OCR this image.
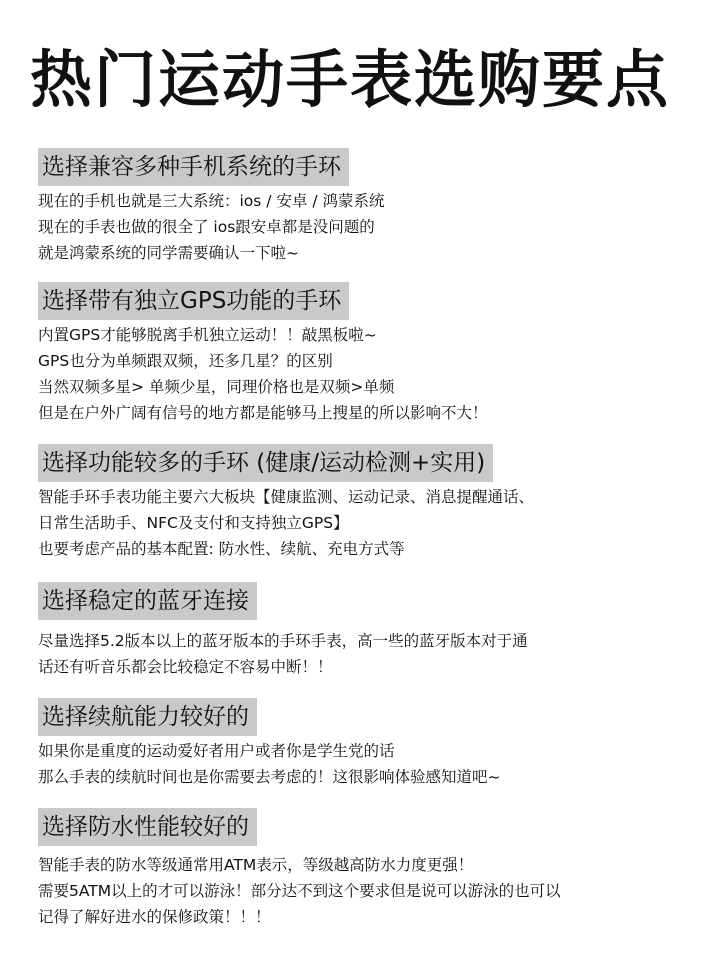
热门运动手表选购要点
选择兼容多种手机系统的手环
现在的手机也就是三大系统：ios / 安卓 / 鸿蒙系统
现在的手表也做的很全了 ios跟安卓都是没问题的
就是鸿蒙系统的同学需要确认一下啦~
选择带有独立GPS功能的手环
内置GPS才能够脱离手机独立运动！！敲黑板啦~
GPS也分为单频跟双频，还多几星？的区别
当然双频多星> 单频少星，同理价格也是双频>单频
但是在户外广阔有信号的地方都是能够马上搜星的所以影响不大！
选择功能较多的手环 (健康/运动检测+实用)
智能手环手表功能主要六大板块【健康监测、运动记录、消息提醒通话、
日常生活助手、NFC及支付和支持独立GPS】
也要考虑产品的基本配置: 防水性、续航、充电方式等
选择稳定的蓝牙连接
尽量选择5.2版本以上的蓝牙版本的手环手表，高一些的蓝牙版本对于通
话还有听音乐都会比较稳定不容易中断！！
选择续航能力较好的
如果你是重度的运动爱好者用户或者你是学生党的话
那么手表的续航时间也是你需要去考虑的！这很影响体验感知道吧~
选择防水性能较好的
智能手表的防水等级通常用ATM表示，等级越高防水力度更强！
需要5ATM以上的才可以游泳！部分达不到这个要求但是说可以游泳的也可以
记得了解好进水的保修政策！！！
